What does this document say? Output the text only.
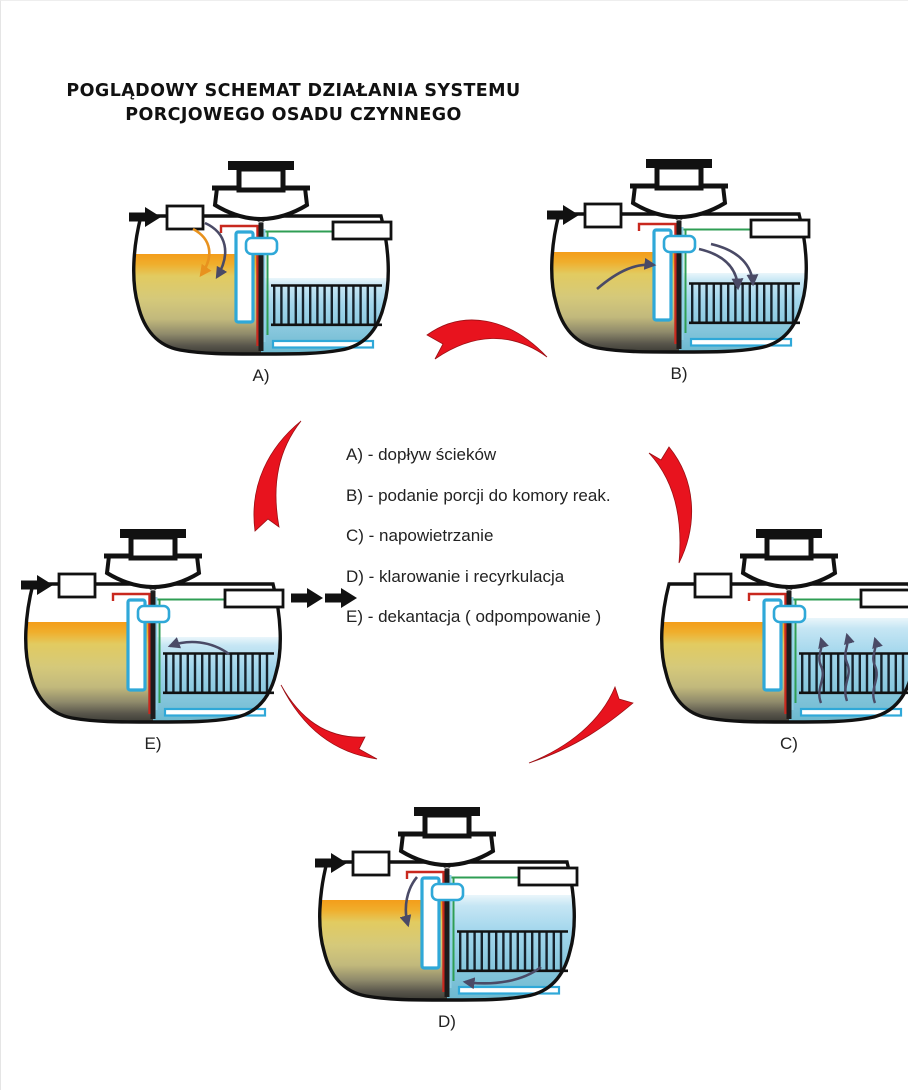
POGLĄDOWY SCHEMAT DZIAŁANIA SYSTEMU
PORCJOWEGO OSADU CZYNNEGO
A)	B)
E)	C)
D)
A) - dopływ ścieków
B) - podanie porcji do komory reak.
C) - napowietrzanie
D) - klarowanie i recyrkulacja
E) - dekantacja ( odpompowanie )
